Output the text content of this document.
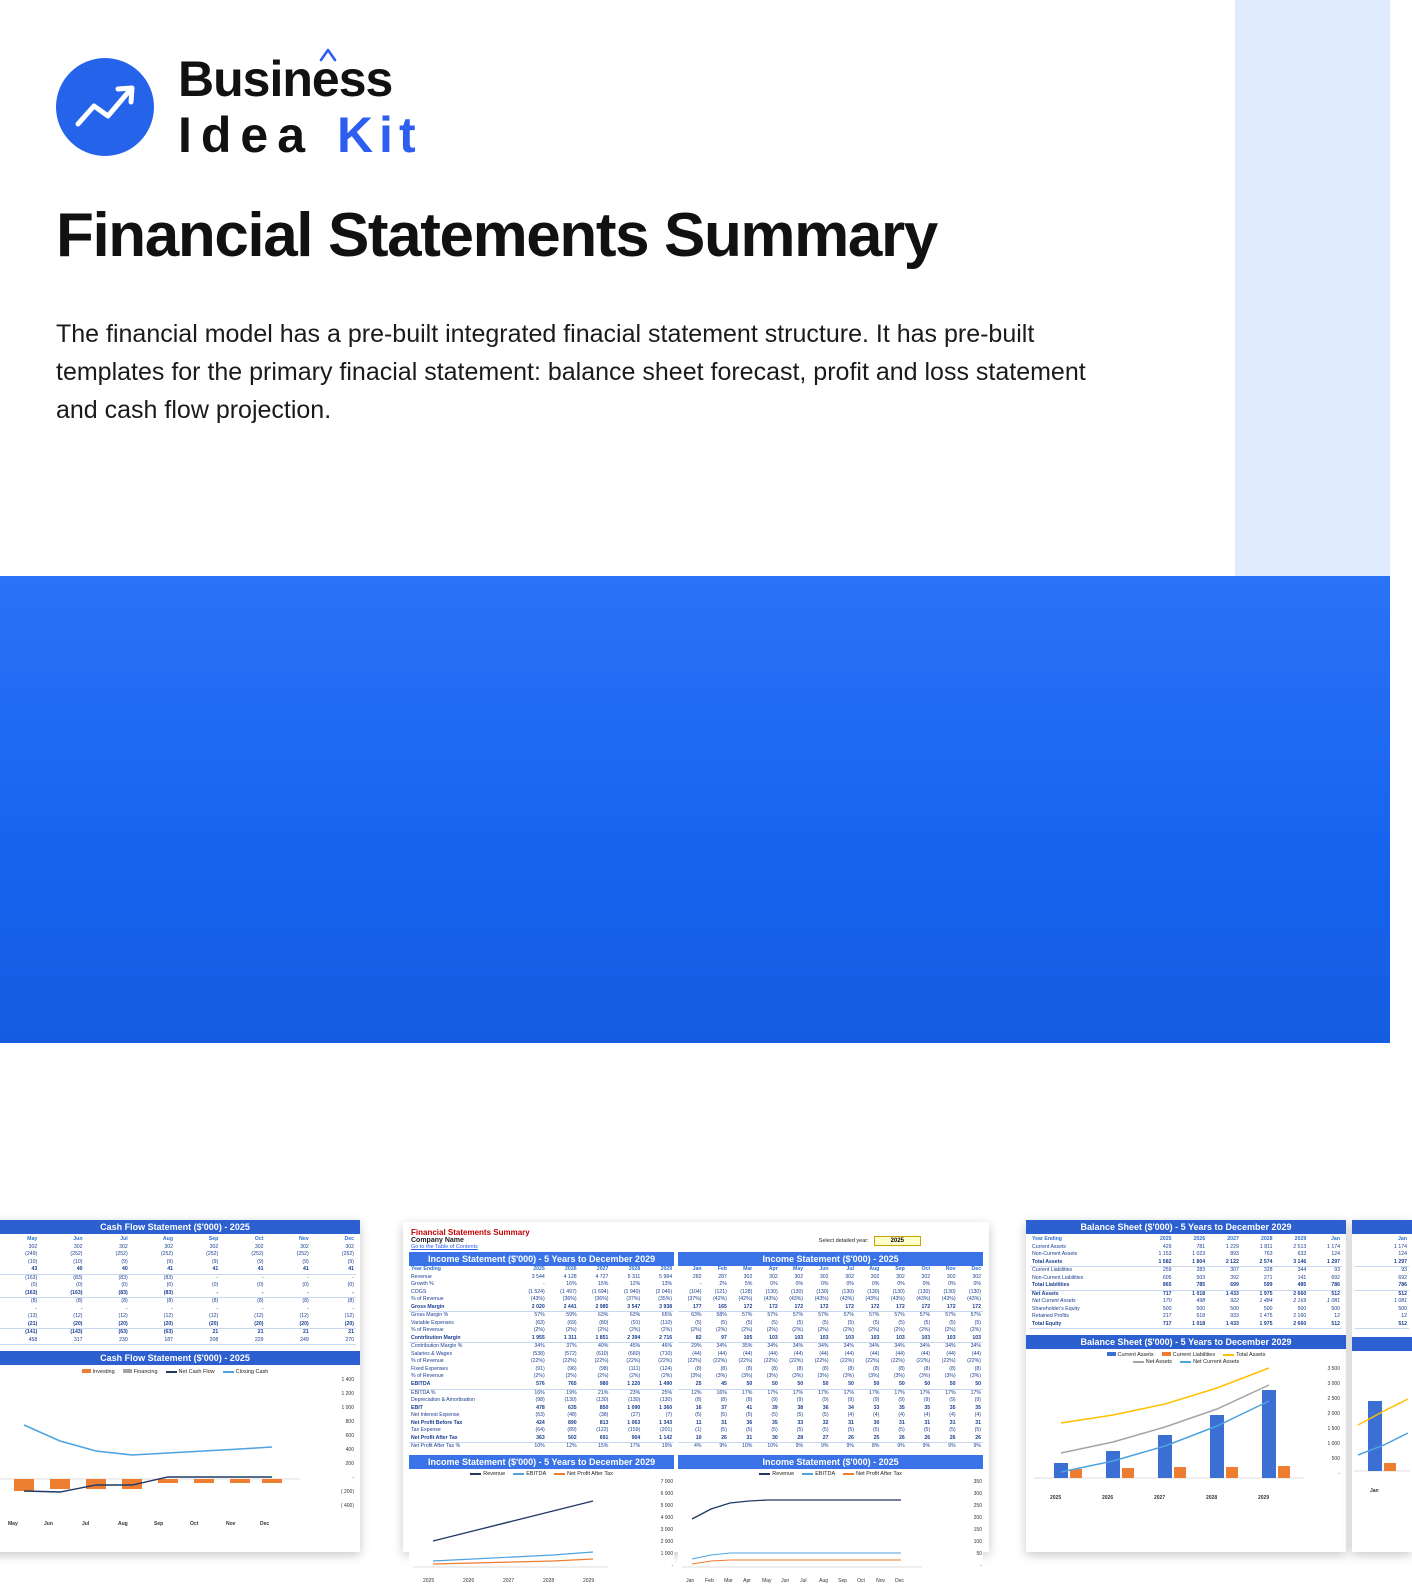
Business
Idea Kit
Financial Statements Summary
The financial model has a pre-built integrated finacial statement structure. It has pre-built templates for the primary finacial statement: balance sheet forecast, profit and loss statement and cash flow projection.
Cash Flow Statement ($'000) - 2025
May	Jun	Jul	Aug	Sep	Oct	Nov	Dec
302	302	302	302	302	302	302	302
(249)	(252)	(252)	(252)	(252)	(252)	(252)	(252)
(10)	(10)	(9)	(9)	(9)	(9)	(9)	(9)
43	40	40	41	41	41	41	41
(163)	(83)	(83)	(83)	-	-	-	-
(0)	(0)	(0)	(0)	(0)	(0)	(0)	(0)
(163)	(163)	(83)	(83)	-	-	-	-
(8)	(8)	(8)	(8)	(8)	(8)	(8)	(8)
-	-	-	-	-	-	-	-
(13)	(12)	(12)	(12)	(12)	(12)	(12)	(12)
(21)	(20)	(20)	(20)	(20)	(20)	(20)	(20)
(141)	(143)	(63)	(63)	21	21	21	21
458	317	230	187	208	229	249	270
Cash Flow Statement ($'000) - 2025
Investing	Financing	Net Cash Flow	Closing Cash
1 400
1 200
1 000
800
600
400
200
-
( 200)
( 400)
May	Jun	Jul	Aug	Sep	Oct	Nov	Dec
Financial Statements Summary
Company Name
Go to the Table of Contents
Select detailed year:	2025
Income Statement ($'000) - 5 Years to December 2029
Year Ending	2025	2026	2027	2028	2029
Revenue	3 544	4 128	4 727	5 311	5 984
Growth %	-	16%	15%	12%	13%
COGS	(1 524)	(1 497)	(1 694)	(1 940)	(2 046)
% of Revenue	(43%)	(36%)	(36%)	(37%)	(35%)
Gross Margin	2 020	2 441	2 985	3 547	3 938
Gross Margin %	57%	59%	63%	63%	65%
Variable Expenses	(63)	(69)	(80)	(91)	(110)
% of Revenue	(2%)	(2%)	(2%)	(2%)	(2%)
Contribution Margin	1 955	1 311	1 851	2 394	2 716
Contribution Margin %	34%	37%	40%	45%	46%
Salaries & Wages	(538)	(572)	(610)	(660)	(710)
% of Revenue	(22%)	(22%)	(22%)	(22%)	(22%)
Fixed Expenses	(91)	(96)	(98)	(111)	(124)
% of Revenue	(2%)	(2%)	(2%)	(2%)	(2%)
EBITDA	576	765	980	1 220	1 490
EBITDA %	16%	19%	21%	23%	25%
Depreciation & Amortisation	(98)	(130)	(130)	(130)	(130)
EBIT	478	635	850	1 090	1 360
Net Interest Expense	(53)	(48)	(38)	(27)	(7)
Net Profit Before Tax	424	890	813	1 063	1 343
Tax Expense	(64)	(89)	(122)	(159)	(201)
Net Profit After Tax	363	502	691	904	1 142
Net Profit After Tax %	10%	12%	15%	17%	19%
Income Statement ($'000) - 2025
Jan	Feb	Mar	Apr	May	Jun	Jul	Aug	Sep	Oct	Nov	Dec
282	287	302	302	302	302	302	302	302	302	302	302
-	2%	5%	0%	0%	0%	0%	0%	0%	0%	0%	0%
(104)	(121)	(128)	(130)	(130)	(130)	(130)	(130)	(130)	(130)	(130)	(130)
(37%)	(42%)	(42%)	(43%)	(43%)	(43%)	(43%)	(43%)	(43%)	(43%)	(43%)	(43%)
177	165	172	172	172	172	172	172	172	172	172	172
63%	58%	57%	57%	57%	57%	57%	57%	57%	57%	57%	57%
(5)	(5)	(5)	(5)	(5)	(5)	(5)	(5)	(5)	(5)	(5)	(5)
(2%)	(2%)	(2%)	(2%)	(2%)	(2%)	(2%)	(2%)	(2%)	(2%)	(2%)	(2%)
82	97	105	103	103	103	103	103	103	103	103	103
29%	34%	35%	34%	34%	34%	34%	34%	34%	34%	34%	34%
(44)	(44)	(44)	(44)	(44)	(44)	(44)	(44)	(44)	(44)	(44)	(44)
(22%)	(22%)	(22%)	(22%)	(22%)	(22%)	(22%)	(22%)	(22%)	(22%)	(22%)	(22%)
(8)	(8)	(8)	(8)	(8)	(8)	(8)	(8)	(8)	(8)	(8)	(8)
(3%)	(3%)	(3%)	(3%)	(3%)	(3%)	(3%)	(3%)	(3%)	(3%)	(3%)	(3%)
25	45	50	50	50	50	50	50	50	50	50	50
12%	16%	17%	17%	17%	17%	17%	17%	17%	17%	17%	17%
(8)	(8)	(8)	(9)	(9)	(9)	(9)	(9)	(9)	(9)	(9)	(9)
16	37	41	39	38	36	34	33	35	35	35	35
(5)	(5)	(5)	(5)	(5)	(5)	(4)	(4)	(4)	(4)	(4)	(4)
11	31	36	35	33	32	31	30	31	31	31	31
(1)	(5)	(5)	(5)	(5)	(5)	(5)	(5)	(5)	(5)	(5)	(5)
10	26	31	30	28	27	26	25	26	26	26	26
4%	9%	10%	10%	9%	9%	9%	8%	9%	9%	9%	9%
Income Statement ($'000) - 5 Years to December 2029
Revenue	EBITDA	Net Profit After Tax
7 000
6 000
5 000
4 000
3 000
2 000
1 000
-
2025	2026	2027	2028	2029
Income Statement ($'000) - 2025
Revenue	EBITDA	Net Profit After Tax
350
300
250
200
150
100
50
-
Jan Feb Mar Apr May Jun Jul	Aug Sep Oct Nov Dec
Balance Sheet ($'000) - 5 Years to December 2029
Year Ending	2025	2026	2027	2028	2029	Jan
Current Assets	429	781	1 229	1 811	2 513	1 174
Non-Current Assets	1 153	1 023	893	763	633	124
Total Assets	1 582	1 804	2 122	2 574	3 146	1 297
Current Liabilities	259	283	307	328	344	93
Non-Current Liabilities	605	503	392	271	141	692
Total Liabilities	865	785	699	599	485	786
Net Assets	717	1 018	1 433	1 975	2 660	512
Net Current Assets	170	498	922	1 484	2 169	1 081
Shareholder's Equity	500	500	500	500	500	500
Retained Profits	217	518	933	1 475	2 160	12
Total Equity	717	1 018	1 433	1 975	2 660	512
Balance Sheet ($'000) - 5 Years to December 2029
Current Assets	Current Liabilities	Total Assets
Net Assets	Net Current Assets
3 500
3 000
2 500
2 000
1 500
1 000
500
-
2025	2026	2027	2028	2029

Jan
1 174
124
1 297
93
692
786
512
1 081
500
12
512

Jan
